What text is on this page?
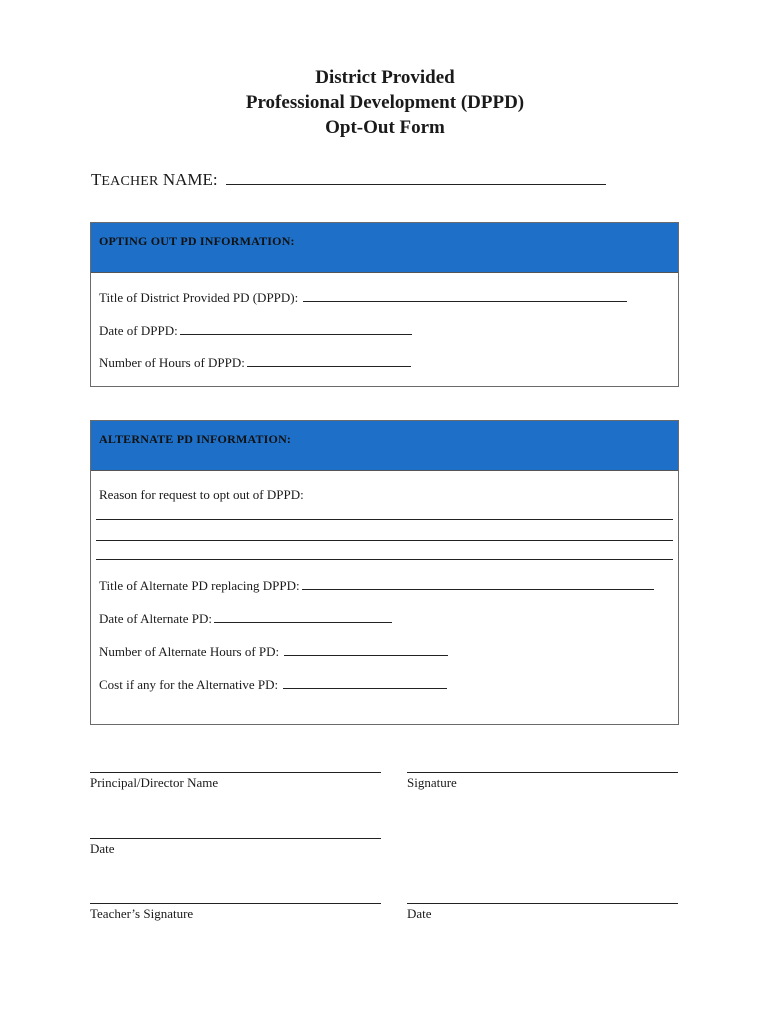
District Provided
Professional Development (DPPD)
Opt-Out Form
TEACHER NAME:
OPTING OUT PD INFORMATION:
Title of District Provided PD (DPPD):
Date of DPPD:
Number of Hours of DPPD:
ALTERNATE PD INFORMATION:
Reason for request to opt out of DPPD:
Title of Alternate PD replacing DPPD:
Date of Alternate PD:
Number of Alternate Hours of PD:
Cost if any for the Alternative PD:
Principal/Director Name	Signature
Date
Teacher’s Signature	Date
